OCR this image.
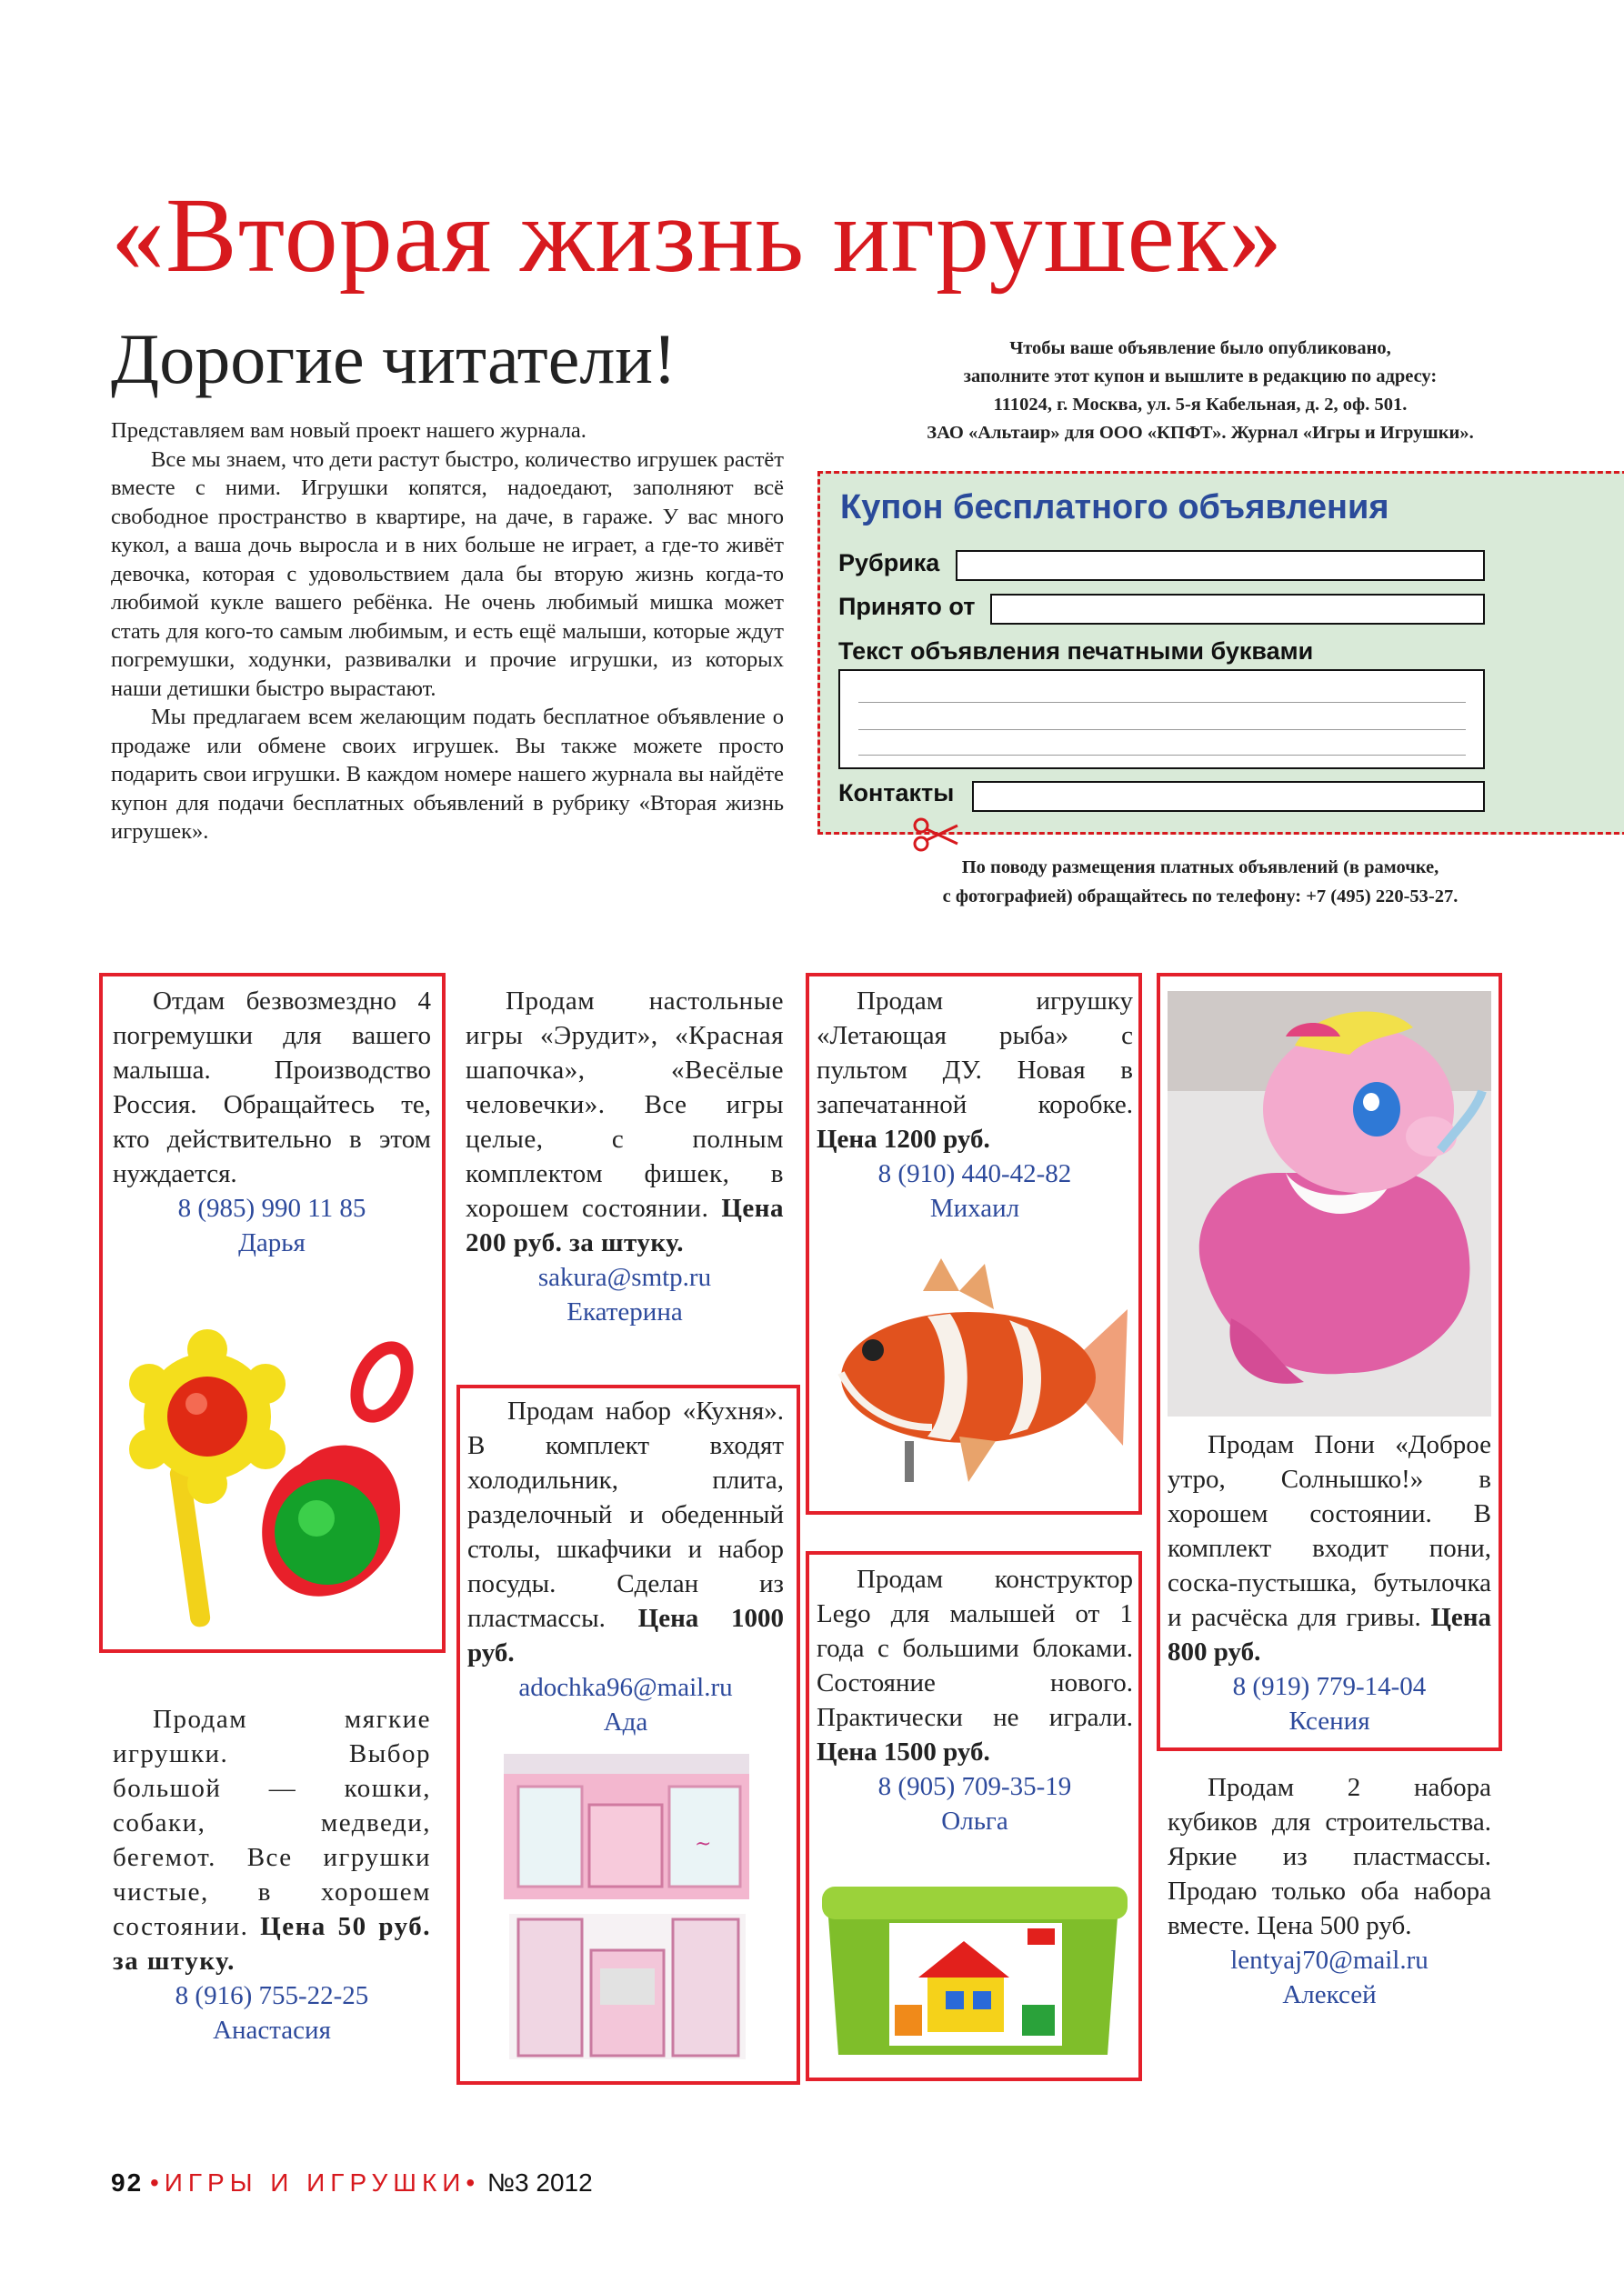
«Вторая жизнь игрушек»
Дорогие читатели!

Представляем вам новый проект нашего журнала.

Все мы знаем, что дети растут быстро, количество игрушек растёт вместе с ними. Игрушки копятся, надоедают, заполняют всё свободное пространство в квартире, на даче, в гараже. У вас много кукол, а ваша дочь выросла и в них больше не играет, а где-то живёт девочка, которая с удовольствием дала бы вторую жизнь когда-то любимой кукле вашего ребёнка. Не очень любимый мишка может стать для кого-то самым любимым, и есть ещё малыши, которые ждут погремушки, ходунки, развивалки и прочие игрушки, из которых наши детишки быстро вырастают.

Мы предлагаем всем желающим подать бесплатное объявление о продаже или обмене своих игрушек. Вы также можете просто подарить свои игрушки. В каждом номере нашего журнала вы найдёте купон для подачи бесплатных объявлений в рубрику «Вторая жизнь игрушек».

Чтобы ваше объявление было опубликовано,
заполните этот купон и вышлите в редакцию по адресу:
111024, г. Москва, ул. 5-я Кабельная, д. 2, оф. 501.
ЗАО «Альтаир» для ООО «КПФТ». Журнал «Игры и Игрушки».
Купон бесплатного объявления
Рубрика
Принято от
Текст объявления печатными буквами
Контакты
По поводу размещения платных объявлений (в рамочке,
с фотографией) обращайтесь по телефону: +7 (495) 220-53-27.

Отдам безвозмездно 4 погремушки для вашего малыша. Производство Россия. Обращайтесь те, кто действительно в этом нуждается.

8 (985) 990 11 85
Дарья

Продам мягкие игрушки. Выбор большой — кошки, собаки, медведи, бегемот. Все игрушки чистые, в хорошем состоянии. Цена 50 руб. за штуку.

8 (916) 755-22-25
Анастасия

Продам настольные игры «Эрудит», «Красная шапочка», «Весёлые человечки». Все игры целые, с полным комплектом фишек, в хорошем состоянии. Цена 200 руб. за штуку.

sakura@smtp.ru
Екатерина

Продам набор «Кухня». В комплект входят холодильник, плита, разделочный и обеденный столы, шкафчики и набор посуды. Сделан из пластмассы. Цена 1000 руб.

adochka96@mail.ru
Ада
~

Продам игрушку «Летающая рыба» с пультом ДУ. Новая в запечатанной коробке. Цена 1200 руб.

8 (910) 440-42-82
Михаил

Продам конструктор Lego для малышей от 1 года с большими блоками. Состояние нового. Практически не играли. Цена 1500 руб.

8 (905) 709-35-19
Ольга

Продам Пони «Доброе утро, Солнышко!» в хорошем состоянии. В комплект входит пони, соска-пустышка, бутылочка и расчёска для гривы. Цена 800 руб.

8 (919) 779-14-04
Ксения

Продам 2 набора кубиков для строительства. Яркие из пластмассы. Продаю только оба набора вместе. Цена 500 руб.

lentyaj70@mail.ru
Алексей
92 •ИГРЫ И ИГРУШКИ• №3 2012
